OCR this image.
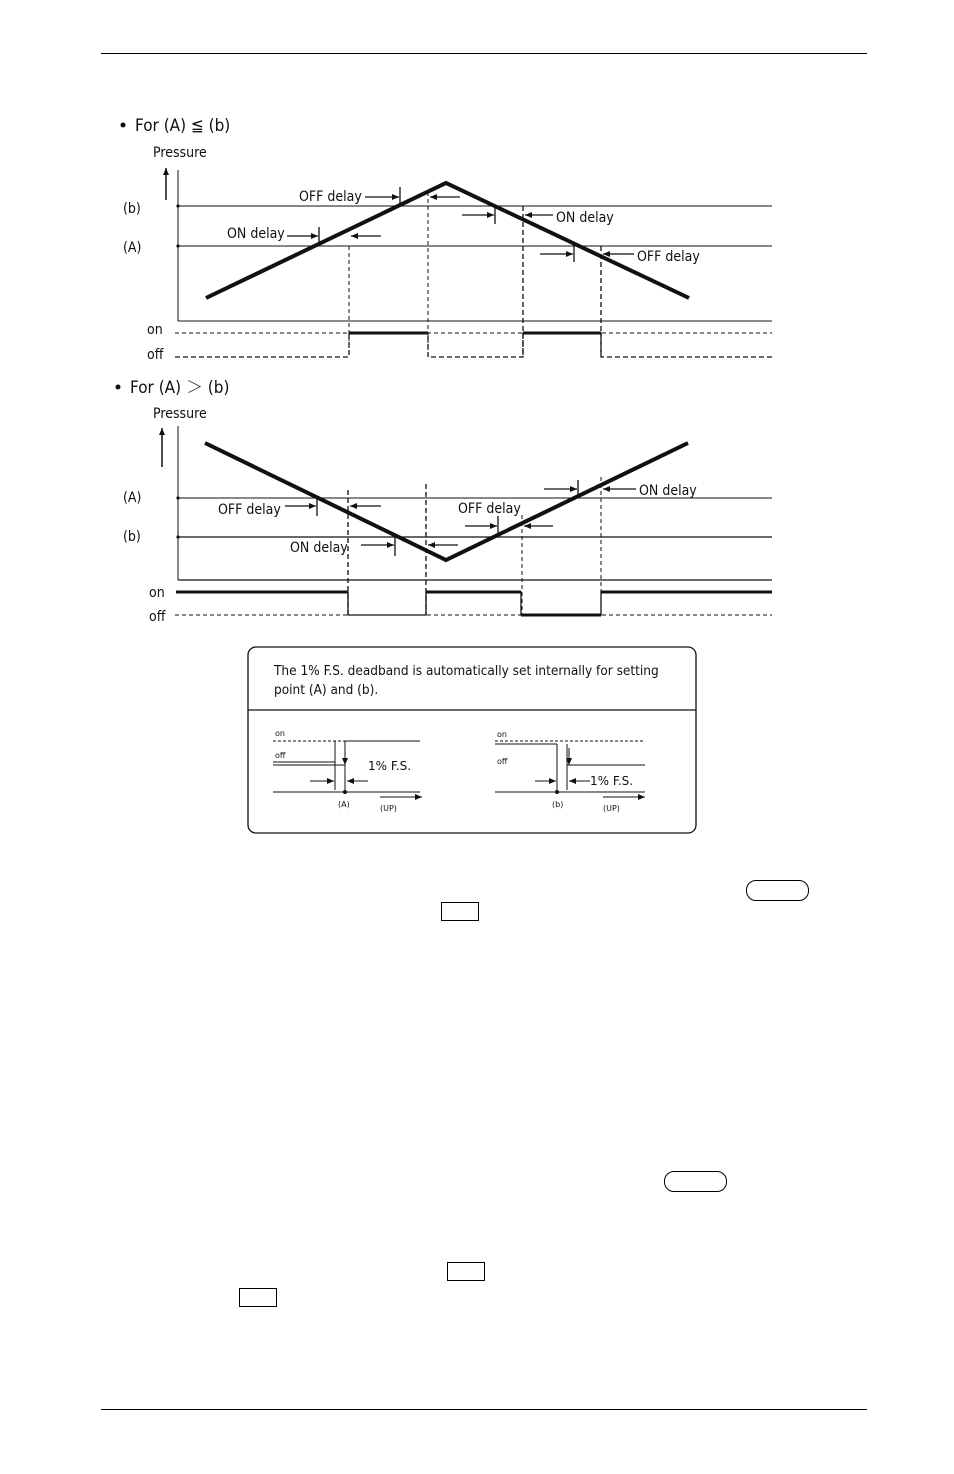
For (A) ≦ (b)
Pressure
(b)
(A)
OFF delay
ON delay
ON delay
OFF delay
on
off
For (A) ＞ (b)
Pressure
(A)
(b)
OFF delay
ON delay
OFF delay
ON delay
on
off
The 1% F.S. deadband is automatically set internally for setting
point (A) and (b).
on
off
1% F.S.
(A)	(UP)
on
off
1% F.S.
(b)	(UP)
